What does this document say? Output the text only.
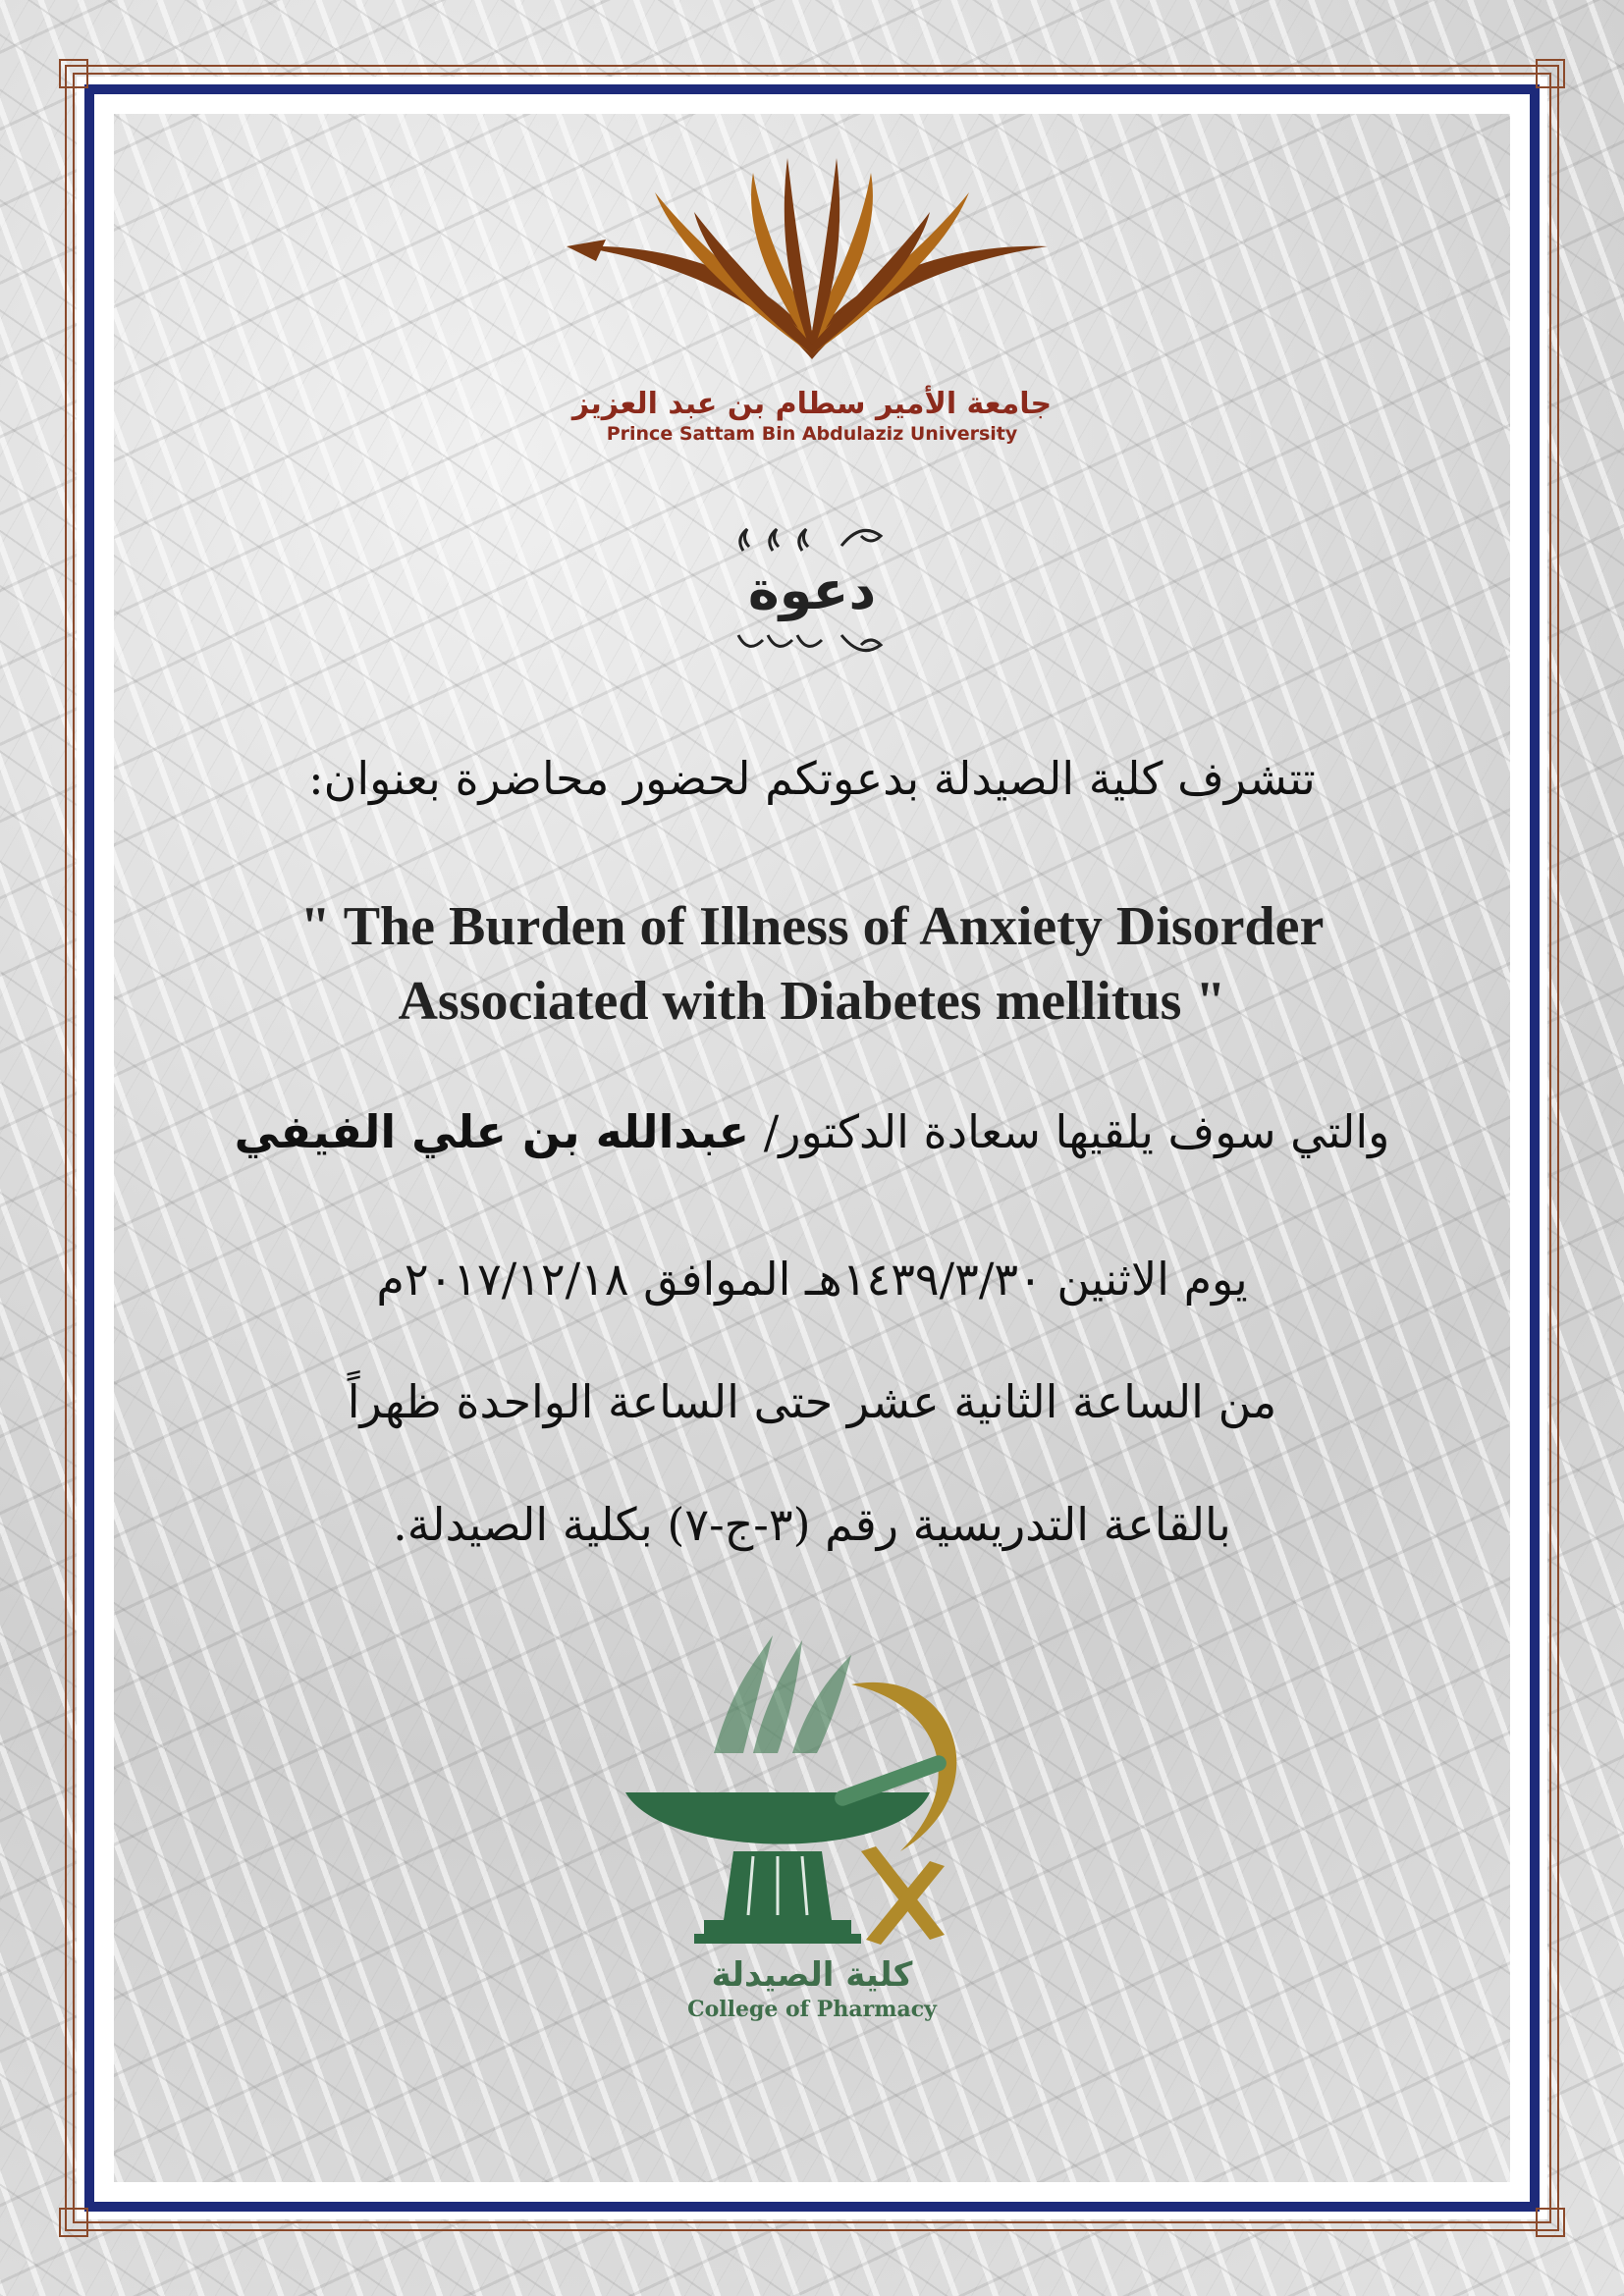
جامعة الأمير سطام بن عبد العزيز
Prince Sattam Bin Abdulaziz University
دعوة
تتشرف كلية الصيدلة بدعوتكم لحضور محاضرة بعنوان:
" The Burden of Illness of Anxiety Disorder
Associated with Diabetes mellitus "
والتي سوف يلقيها سعادة الدكتور/ عبدالله بن علي الفيفي
يوم الاثنين ١٤٣٩/٣/٣٠هـ الموافق ٢٠١٧/١٢/١٨م
من الساعة الثانية عشر حتى الساعة الواحدة ظهراً
بالقاعة التدريسية رقم (٣-ج-٧) بكلية الصيدلة.
كلية الصيدلة
College of Pharmacy
